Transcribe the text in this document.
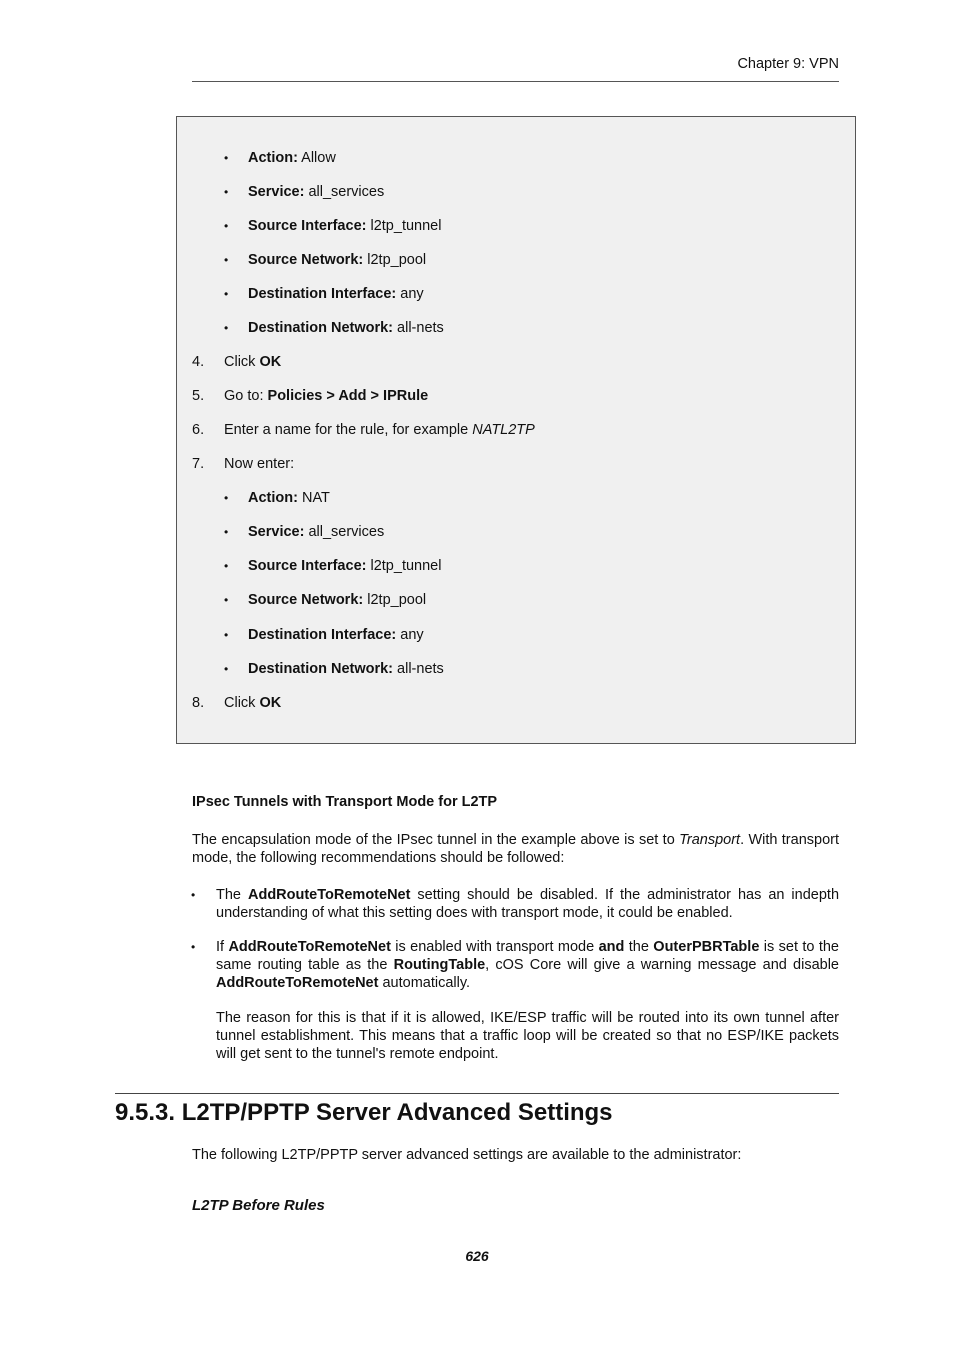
Chapter 9: VPN
• Action: Allow
• Service: all_services
• Source Interface: l2tp_tunnel
• Source Network: l2tp_pool
• Destination Interface: any
• Destination Network: all-nets
4. Click OK
5. Go to: Policies > Add > IPRule
6. Enter a name for the rule, for example NATL2TP
7. Now enter:
• Action: NAT
• Service: all_services
• Source Interface: l2tp_tunnel
• Source Network: l2tp_pool
• Destination Interface: any
• Destination Network: all-nets
8. Click OK
IPsec Tunnels with Transport Mode for L2TP
The encapsulation mode of the IPsec tunnel in the example above is set to Transport. With transport mode, the following recommendations should be followed:
• The AddRouteToRemoteNet setting should be disabled. If the administrator has an indepth understanding of what this setting does with transport mode, it could be enabled.
• If AddRouteToRemoteNet is enabled with transport mode and the OuterPBRTable is set to the same routing table as the RoutingTable, cOS Core will give a warning message and disable AddRouteToRemoteNet automatically.
The reason for this is that if it is allowed, IKE/ESP traffic will be routed into its own tunnel after tunnel establishment. This means that a traffic loop will be created so that no ESP/IKE packets will get sent to the tunnel's remote endpoint.
9.5.3. L2TP/PPTP Server Advanced Settings
The following L2TP/PPTP server advanced settings are available to the administrator:
L2TP Before Rules
626
